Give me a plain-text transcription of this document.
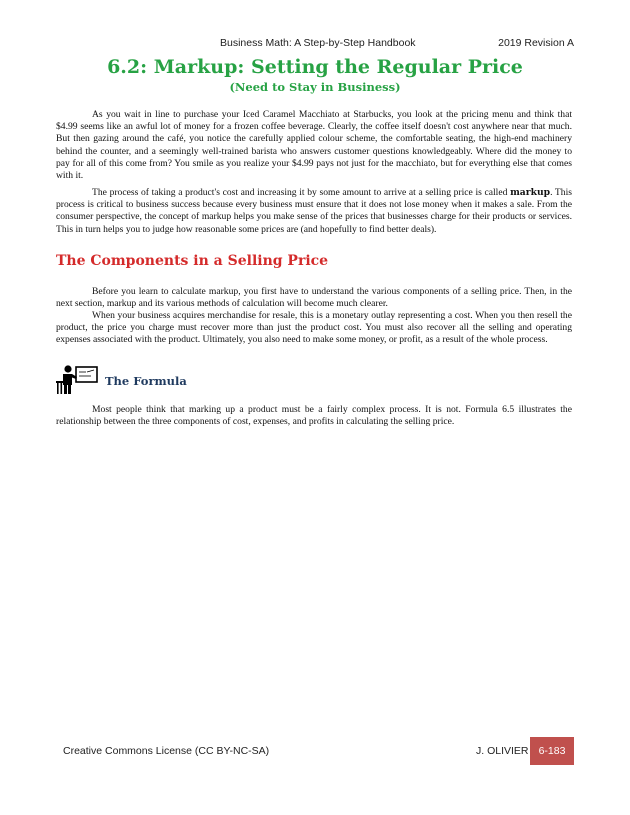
Business Math: A Step-by-Step Handbook	2019 Revision A
6.2: Markup: Setting the Regular Price
(Need to Stay in Business)

As you wait in line to purchase your Iced Caramel Macchiato at Starbucks, you look at the pricing menu and think that $4.99 seems like an awful lot of money for a frozen coffee beverage. Clearly, the coffee itself doesn't cost anywhere near that much. But then gazing around the café, you notice the carefully applied colour scheme, the comfortable seating, the high-end machinery behind the counter, and a seemingly well-trained barista who answers customer questions knowledgeably. Where did the money to pay for all of this come from? You smile as you realize your $4.99 pays not just for the macchiato, but for everything else that comes with it.

The process of taking a product's cost and increasing it by some amount to arrive at a selling price is called markup. This process is critical to business success because every business must ensure that it does not lose money when it makes a sale. From the consumer perspective, the concept of markup helps you make sense of the prices that businesses charge for their products or services. This in turn helps you to judge how reasonable some prices are (and hopefully to find better deals).

The Components in a Selling Price

Before you learn to calculate markup, you first have to understand the various components of a selling price. Then, in the next section, markup and its various methods of calculation will become much clearer.

When your business acquires merchandise for resale, this is a monetary outlay representing a cost. When you then resell the product, the price you charge must recover more than just the product cost. You must also recover all the selling and operating expenses associated with the product. Ultimately, you also need to make some money, or profit, as a result of the whole process.

The Formula

Most people think that marking up a product must be a fairly complex process. It is not. Formula 6.5 illustrates the relationship between the three components of cost, expenses, and profits in calculating the selling price.

Creative Commons License (CC BY-NC-SA)	J. OLIVIER 6-183
